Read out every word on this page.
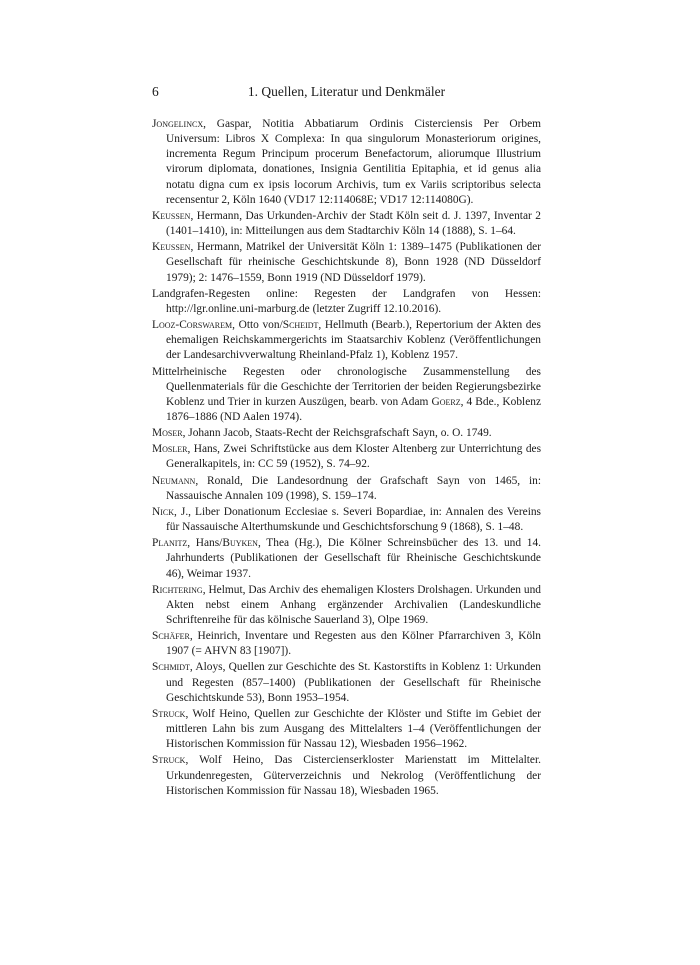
6	1. Quellen, Literatur und Denkmäler
Jongelincx, Gaspar, Notitia Abbatiarum Ordinis Cisterciensis Per Orbem Universum: Libros X Complexa: In qua singulorum Monasteriorum origines, incrementa Regum Principum procerum Benefactorum, aliorumque Illustrium virorum diplomata, donationes, Insignia Gentilitia Epitaphia, et id genus alia notatu digna cum ex ipsis locorum Archivis, tum ex Variis scriptoribus selecta recensentur 2, Köln 1640 (VD17 12:114068E; VD17 12:114080G).
Keussen, Hermann, Das Urkunden-Archiv der Stadt Köln seit d. J. 1397, Inventar 2 (1401–1410), in: Mitteilungen aus dem Stadtarchiv Köln 14 (1888), S. 1–64.
Keussen, Hermann, Matrikel der Universität Köln 1: 1389–1475 (Publikationen der Gesellschaft für rheinische Geschichtskunde 8), Bonn 1928 (ND Düsseldorf 1979); 2: 1476–1559, Bonn 1919 (ND Düsseldorf 1979).
Landgrafen-Regesten online: Regesten der Landgrafen von Hessen: http://lgr.online.uni-marburg.de (letzter Zugriff 12.10.2016).
Looz-Corswarem, Otto von/Scheidt, Hellmuth (Bearb.), Repertorium der Akten des ehemaligen Reichskammergerichts im Staatsarchiv Koblenz (Veröffentlichungen der Landesarchivverwaltung Rheinland-Pfalz 1), Koblenz 1957.
Mittelrheinische Regesten oder chronologische Zusammenstellung des Quellenmaterials für die Geschichte der Territorien der beiden Regierungsbezirke Koblenz und Trier in kurzen Auszügen, bearb. von Adam Goerz, 4 Bde., Koblenz 1876–1886 (ND Aalen 1974).
Moser, Johann Jacob, Staats-Recht der Reichsgrafschaft Sayn, o. O. 1749.
Mosler, Hans, Zwei Schriftstücke aus dem Kloster Altenberg zur Unterrichtung des Generalkapitels, in: CC 59 (1952), S. 74–92.
Neumann, Ronald, Die Landesordnung der Grafschaft Sayn von 1465, in: Nassauische Annalen 109 (1998), S. 159–174.
Nick, J., Liber Donationum Ecclesiae s. Severi Bopardiae, in: Annalen des Vereins für Nassauische Alterthumskunde und Geschichtsforschung 9 (1868), S. 1–48.
Planitz, Hans/Buyken, Thea (Hg.), Die Kölner Schreinsbücher des 13. und 14. Jahrhunderts (Publikationen der Gesellschaft für Rheinische Geschichtskunde 46), Weimar 1937.
Richtering, Helmut, Das Archiv des ehemaligen Klosters Drolshagen. Urkunden und Akten nebst einem Anhang ergänzender Archivalien (Landeskundliche Schriftenreihe für das kölnische Sauerland 3), Olpe 1969.
Schäfer, Heinrich, Inventare und Regesten aus den Kölner Pfarrarchiven 3, Köln 1907 (= AHVN 83 [1907]).
Schmidt, Aloys, Quellen zur Geschichte des St. Kastorstifts in Koblenz 1: Urkunden und Regesten (857–1400) (Publikationen der Gesellschaft für Rheinische Geschichtskunde 53), Bonn 1953–1954.
Struck, Wolf Heino, Quellen zur Geschichte der Klöster und Stifte im Gebiet der mittleren Lahn bis zum Ausgang des Mittelalters 1–4 (Veröffentlichungen der Historischen Kommission für Nassau 12), Wiesbaden 1956–1962.
Struck, Wolf Heino, Das Cistercienserkloster Marienstatt im Mittelalter. Urkundenregesten, Güterverzeichnis und Nekrolog (Veröffentlichung der Historischen Kommission für Nassau 18), Wiesbaden 1965.
